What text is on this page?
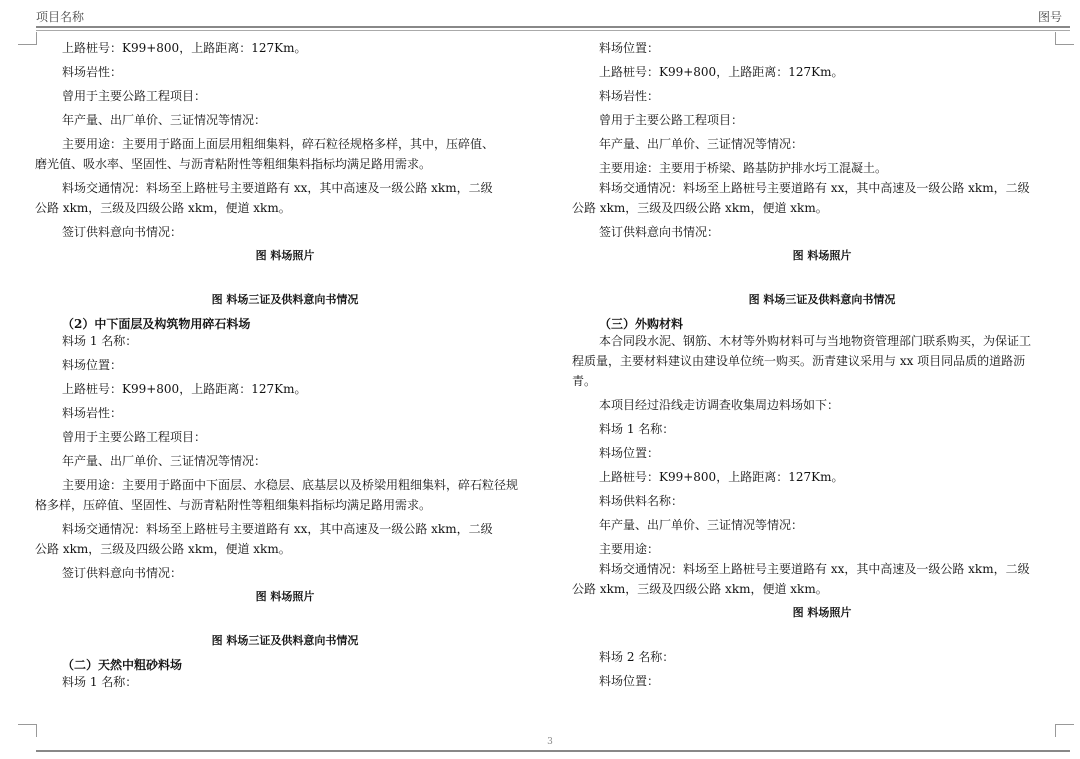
项目名称	图号
上路桩号：K99+800，上路距离：127Km。
料场岩性：
曾用于主要公路工程项目：
年产量、出厂单价、三证情况等情况：
主要用途：主要用于路面上面层用粗细集料，碎石粒径规格多样，其中，压碎值、
磨光值、吸水率、坚固性、与沥青粘附性等粗细集料指标均满足路用需求。
料场交通情况：料场至上路桩号主要道路有 xx，其中高速及一级公路 xkm，二级
公路 xkm，三级及四级公路 xkm，便道 xkm。
签订供料意向书情况：
图 料场照片
图 料场三证及供料意向书情况
（2）中下面层及构筑物用碎石料场
料场 1 名称：
料场位置：
上路桩号：K99+800，上路距离：127Km。
料场岩性：
曾用于主要公路工程项目：
年产量、出厂单价、三证情况等情况：
主要用途：主要用于路面中下面层、水稳层、底基层以及桥梁用粗细集料，碎石粒径规
格多样，压碎值、坚固性、与沥青粘附性等粗细集料指标均满足路用需求。
料场交通情况：料场至上路桩号主要道路有 xx，其中高速及一级公路 xkm，二级
公路 xkm，三级及四级公路 xkm，便道 xkm。
签订供料意向书情况：
图 料场照片
图 料场三证及供料意向书情况
（二）天然中粗砂料场
料场 1 名称：
料场位置：
上路桩号：K99+800，上路距离：127Km。
料场岩性：
曾用于主要公路工程项目：
年产量、出厂单价、三证情况等情况：
主要用途：主要用于桥梁、路基防护排水圬工混凝土。
料场交通情况：料场至上路桩号主要道路有 xx，其中高速及一级公路 xkm，二级
公路 xkm，三级及四级公路 xkm，便道 xkm。
签订供料意向书情况：
图 料场照片
图 料场三证及供料意向书情况
（三）外购材料
本合同段水泥、钢筋、木材等外购材料可与当地物资管理部门联系购买，为保证工
程质量，主要材料建议由建设单位统一购买。沥青建议采用与 xx 项目同品质的道路沥
青。
本项目经过沿线走访调查收集周边料场如下：
料场 1 名称：
料场位置：
上路桩号：K99+800，上路距离：127Km。
料场供料名称：
年产量、出厂单价、三证情况等情况：
主要用途：
料场交通情况：料场至上路桩号主要道路有 xx，其中高速及一级公路 xkm，二级
公路 xkm，三级及四级公路 xkm，便道 xkm。
图 料场照片
料场 2 名称：
料场位置：
3
